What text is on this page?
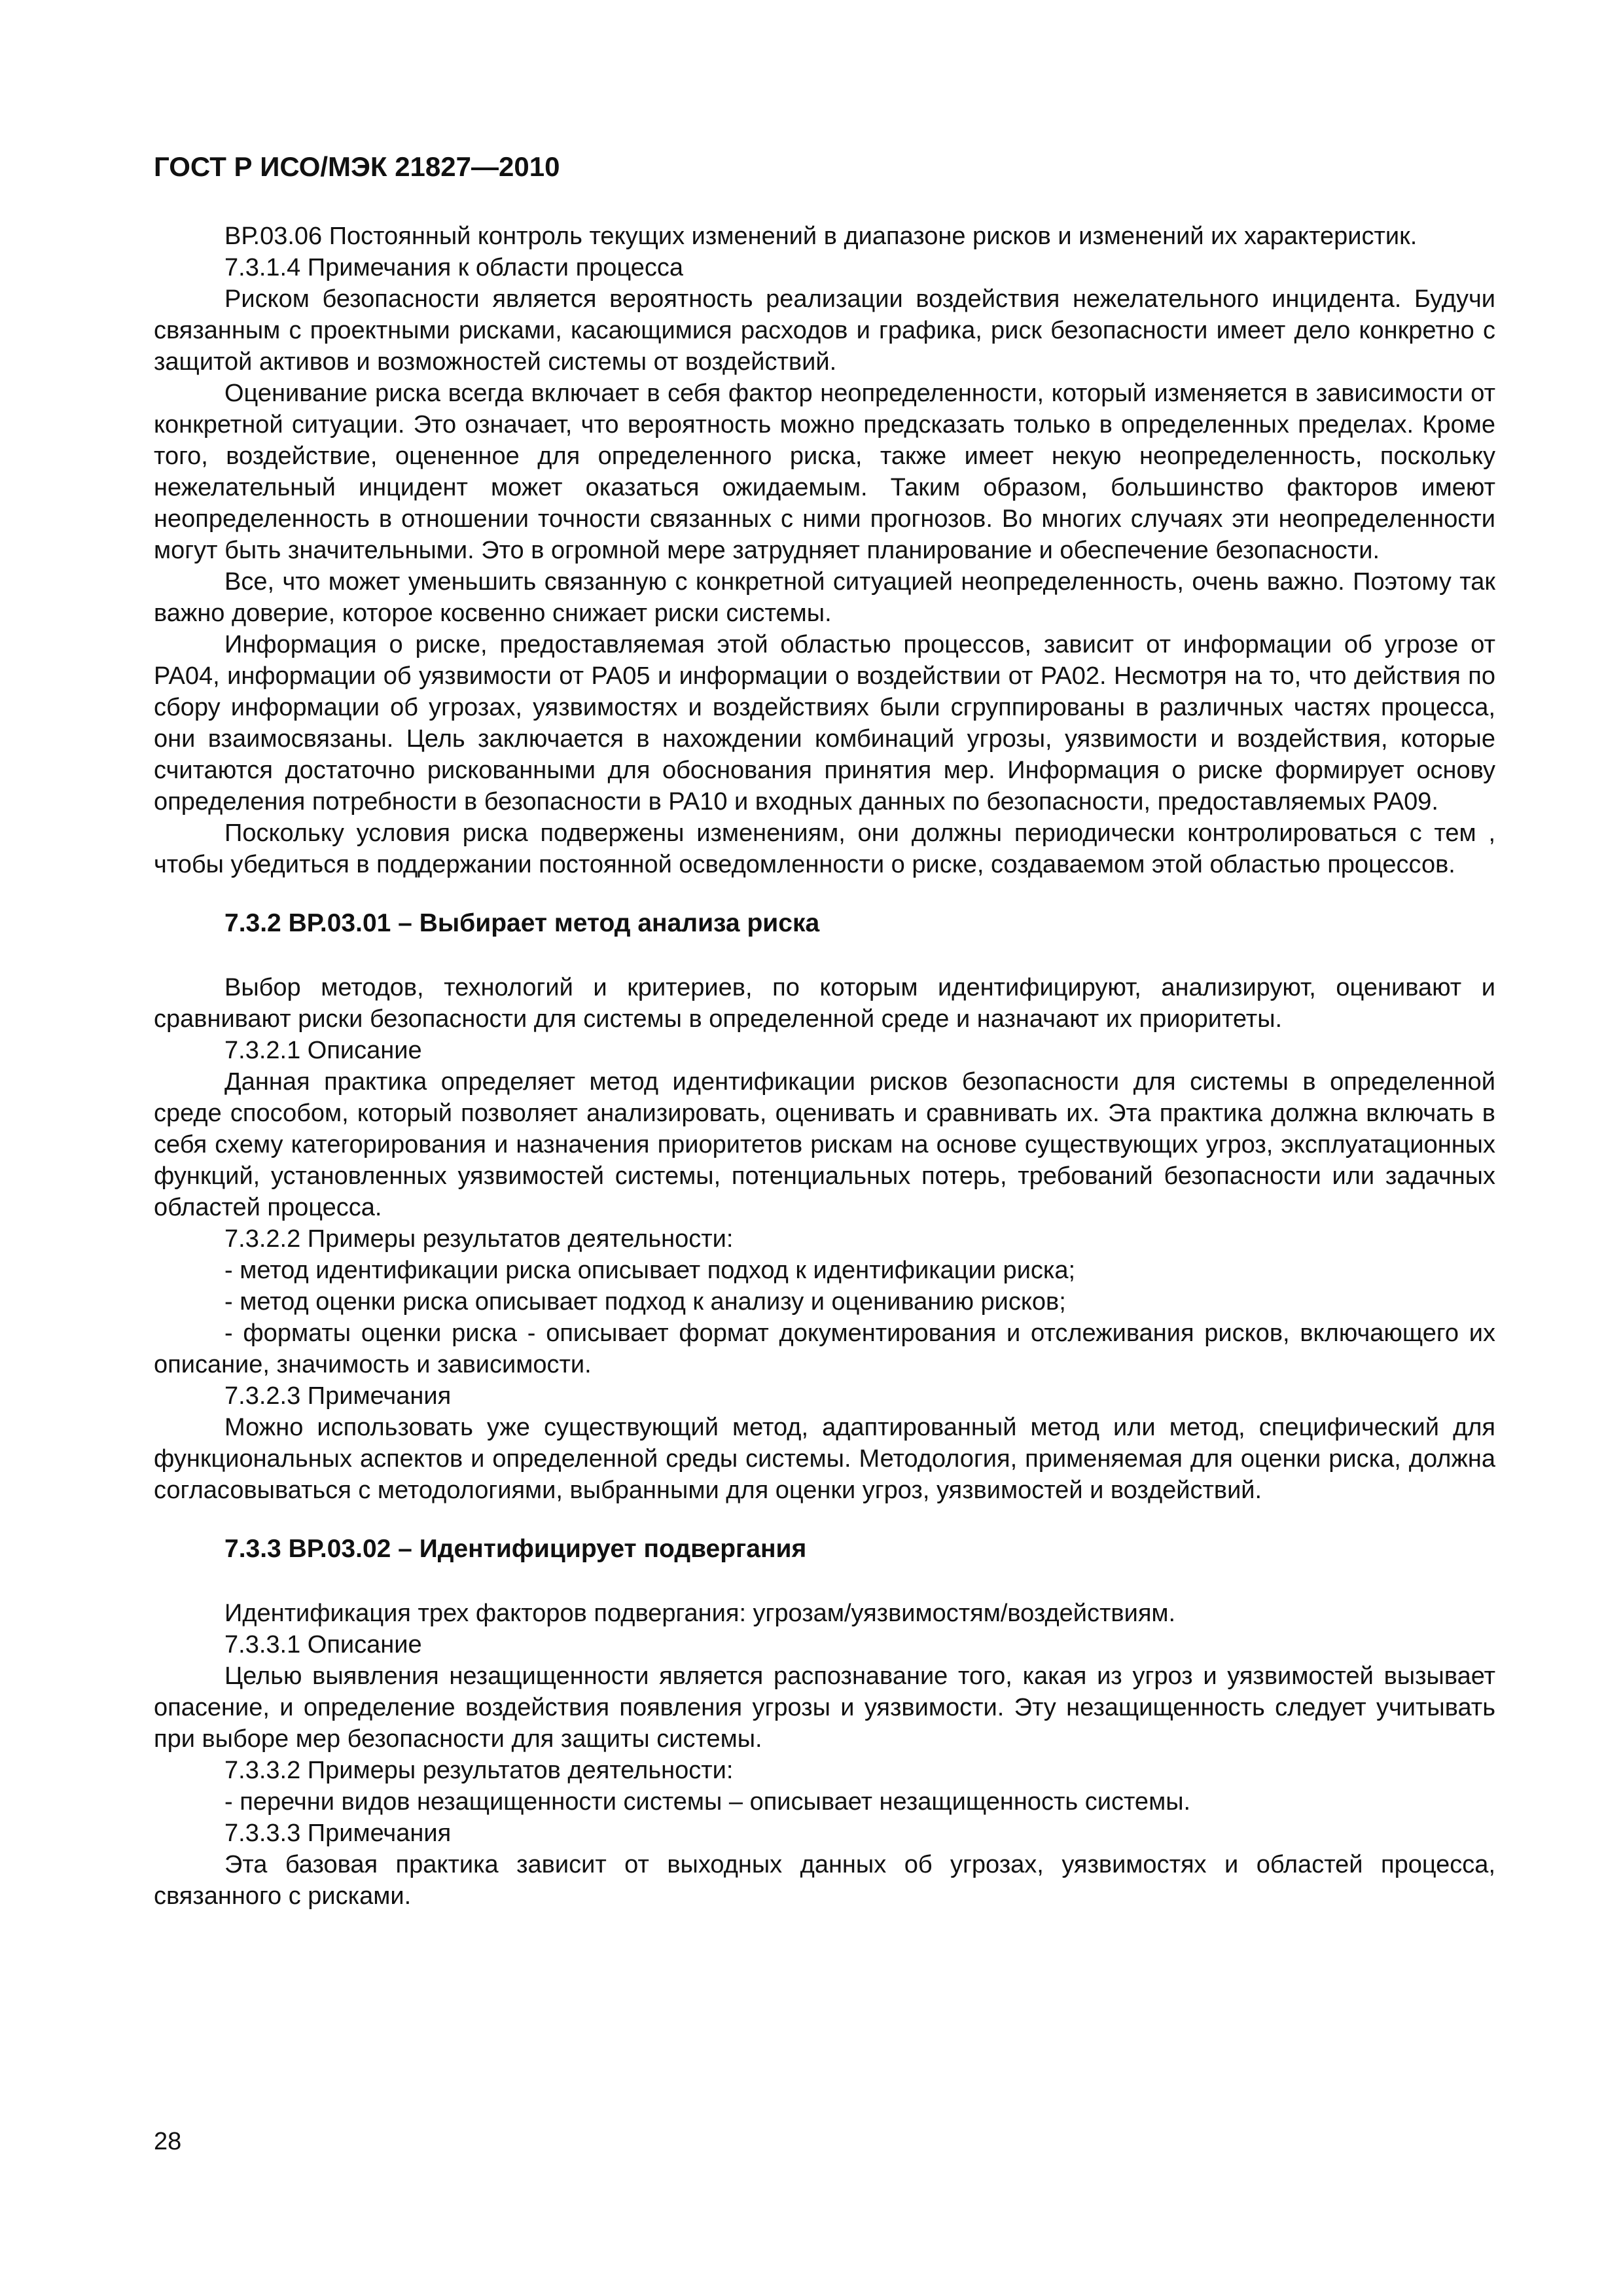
ГОСТ Р ИСО/МЭК 21827—2010

ВР.03.06 Постоянный контроль текущих изменений в диапазоне рисков и изменений их характеристик.

7.3.1.4 Примечания к области процесса

Риском безопасности является вероятность реализации воздействия нежелательного инцидента. Будучи связанным с проектными рисками, касающимися расходов и графика, риск безопасности имеет дело конкретно с защитой активов и возможностей системы от воздействий.

Оценивание риска всегда включает в себя фактор неопределенности, который изменяется в зависимости от конкретной ситуации. Это означает, что вероятность можно предсказать только в определенных пределах. Кроме того, воздействие, оцененное для определенного риска, также имеет некую неопределенность, поскольку нежелательный инцидент может оказаться ожидаемым. Таким образом, большинство факторов имеют неопределенность в отношении точности связанных с ними прогнозов. Во многих случаях эти неопределенности могут быть значительными. Это в огромной мере затрудняет планирование и обеспечение безопасности.

Все, что может уменьшить связанную с конкретной ситуацией неопределенность, очень важно. Поэтому так важно доверие, которое косвенно снижает риски системы.

Информация о риске, предоставляемая этой областью процессов, зависит от информации об угрозе от PA04, информации об уязвимости от PA05 и информации о воздействии от PA02. Несмотря на то, что действия по сбору информации об угрозах, уязвимостях и воздействиях были сгруппированы в различных частях процесса, они взаимосвязаны. Цель заключается в нахождении комбинаций угрозы, уязвимости и воздействия, которые считаются достаточно рискованными для обоснования принятия мер. Информация о риске формирует основу определения потребности в безопасности в PA10 и входных данных по безопасности, предоставляемых PA09.

Поскольку условия риска подвержены изменениям, они должны периодически контролироваться с тем , чтобы убедиться в поддержании постоянной осведомленности о риске, создаваемом этой областью процессов.

7.3.2 ВР.03.01 – Выбирает метод анализа риска

Выбор методов, технологий и критериев, по которым идентифицируют, анализируют, оценивают и сравнивают риски безопасности для системы в определенной среде и назначают их приоритеты.

7.3.2.1 Описание

Данная практика определяет метод идентификации рисков безопасности для системы в определенной среде способом, который позволяет анализировать, оценивать и сравнивать их. Эта практика должна включать в себя схему категорирования и назначения приоритетов рискам на основе существующих угроз, эксплуатационных функций, установленных уязвимостей системы, потенциальных потерь, требований безопасности или задачных областей процесса.

7.3.2.2 Примеры результатов деятельности:

- метод идентификации риска описывает подход к идентификации риска;

- метод оценки риска описывает подход к анализу и оцениванию рисков;

- форматы оценки риска - описывает формат документирования и отслеживания рисков, включающего их описание, значимость и зависимости.

7.3.2.3 Примечания

Можно использовать уже существующий метод, адаптированный метод или метод, специфический для функциональных аспектов и определенной среды системы. Методология, применяемая для оценки риска, должна согласовываться с методологиями, выбранными для оценки угроз, уязвимостей и воздействий.

7.3.3 ВР.03.02 – Идентифицирует подвергания

Идентификация трех факторов подвергания: угрозам/уязвимостям/воздействиям.

7.3.3.1 Описание

Целью выявления незащищенности является распознавание того, какая из угроз и уязвимостей вызывает опасение, и определение воздействия появления угрозы и уязвимости. Эту незащищенность следует учитывать при выборе мер безопасности для защиты системы.

7.3.3.2 Примеры результатов деятельности:

- перечни видов незащищенности системы – описывает незащищенность системы.

7.3.3.3 Примечания

Эта базовая практика зависит от выходных данных об угрозах, уязвимостях и областей процесса, связанного с рисками.

28
